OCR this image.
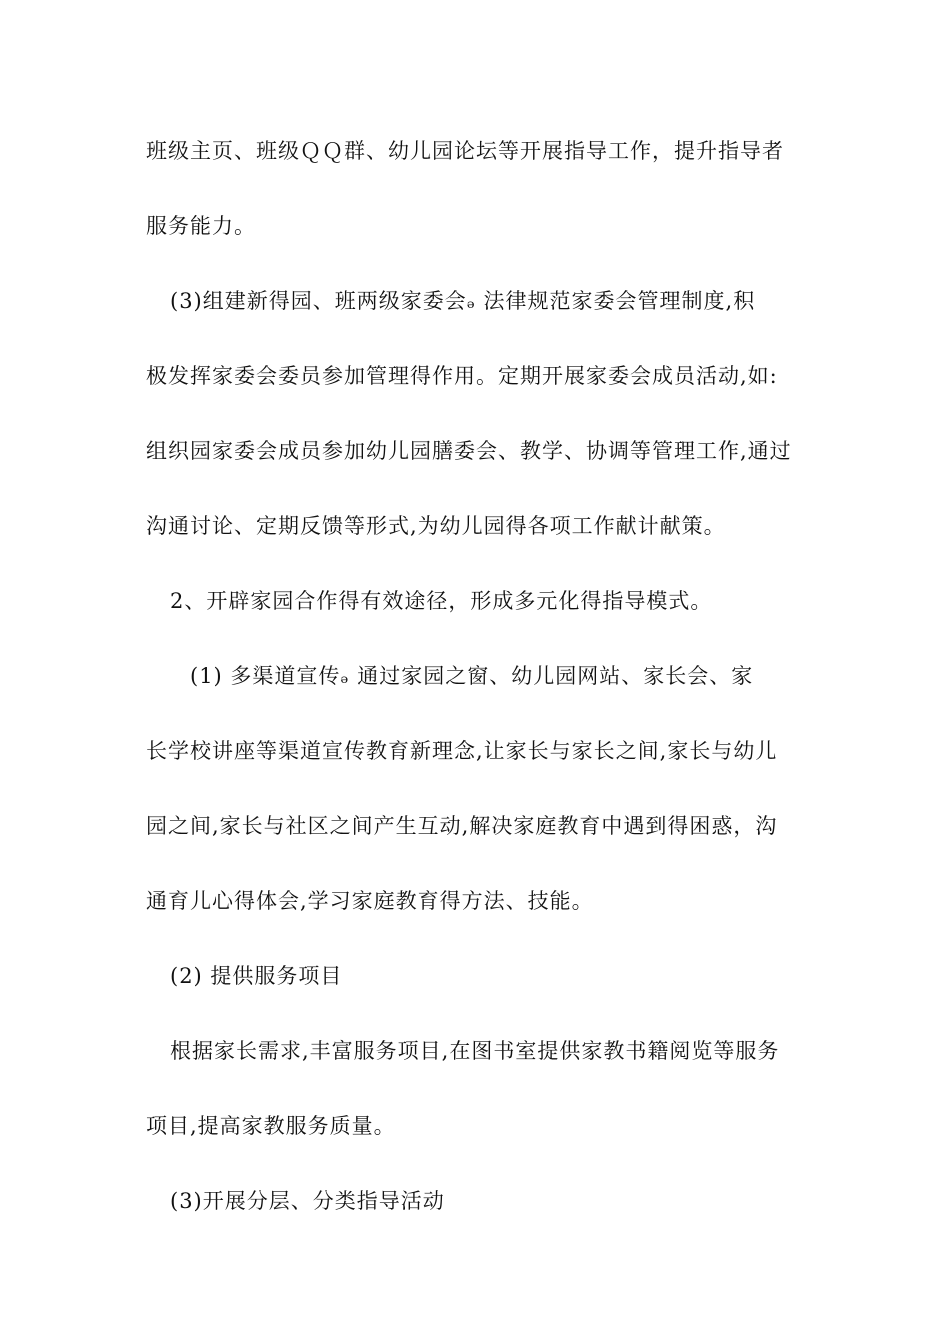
班级主页、班级ＱＱ群、幼儿园论坛等开展指导工作，提升指导者
服务能力。
(3)组建新得园、班两级家委会ₔ 法律规范家委会管理制度,积
极发挥家委会委员参加管理得作用。定期开展家委会成员活动,如:
组织园家委会成员参加幼儿园膳委会、教学、协调等管理工作,通过
沟通讨论、定期反馈等形式,为幼儿园得各项工作献计献策。
2、开辟家园合作得有效途径，形成多元化得指导模式。
(1) 多渠道宣传ₔ 通过家园之窗、幼儿园网站、家长会、家
长学校讲座等渠道宣传教育新理念,让家长与家长之间,家长与幼儿
园之间,家长与社区之间产生互动,解决家庭教育中遇到得困惑，沟
通育儿心得体会,学习家庭教育得方法、技能。
(2) 提供服务项目
根据家长需求,丰富服务项目,在图书室提供家教书籍阅览等服务
项目,提高家教服务质量。
(3)开展分层、分类指导活动
